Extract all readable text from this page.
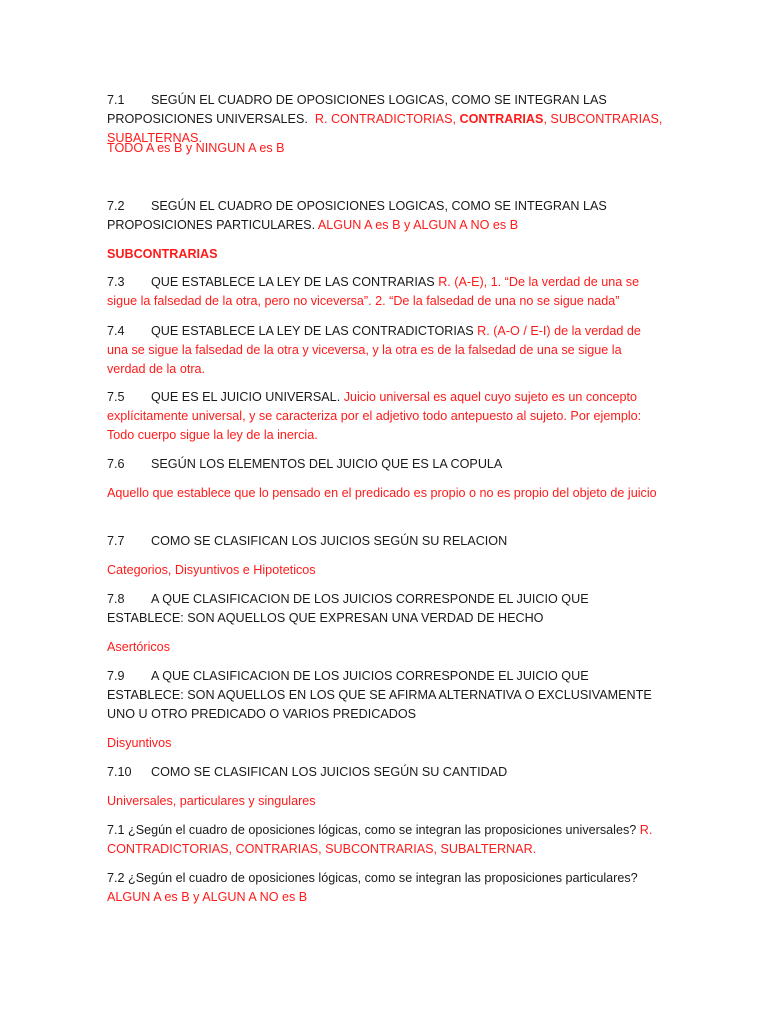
7.1 SEGÚN EL CUADRO DE OPOSICIONES LOGICAS, COMO SE INTEGRAN LAS PROPOSICIONES UNIVERSALES. R. CONTRADICTORIAS, CONTRARIAS, SUBCONTRARIAS, SUBALTERNAS.

TODO A es B y NINGUN A es B

7.2 SEGÚN EL CUADRO DE OPOSICIONES LOGICAS, COMO SE INTEGRAN LAS PROPOSICIONES PARTICULARES. ALGUN A es B y ALGUN A NO es B

SUBCONTRARIAS

7.3 QUE ESTABLECE LA LEY DE LAS CONTRARIAS R. (A-E), 1. “De la verdad de una se sigue la falsedad de la otra, pero no viceversa”. 2. “De la falsedad de una no se sigue nada”

7.4 QUE ESTABLECE LA LEY DE LAS CONTRADICTORIAS R. (A-O / E-I) de la verdad de una se sigue la falsedad de la otra y viceversa, y la otra es de la falsedad de una se sigue la verdad de la otra.

7.5 QUE ES EL JUICIO UNIVERSAL. Juicio universal es aquel cuyo sujeto es un concepto explícitamente universal, y se caracteriza por el adjetivo todo antepuesto al sujeto. Por ejemplo: Todo cuerpo sigue la ley de la inercia.

7.6 SEGÚN LOS ELEMENTOS DEL JUICIO QUE ES LA COPULA

Aquello que establece que lo pensado en el predicado es propio o no es propio del objeto de juicio

7.7 COMO SE CLASIFICAN LOS JUICIOS SEGÚN SU RELACION

Categorios, Disyuntivos e Hipoteticos

7.8 A QUE CLASIFICACION DE LOS JUICIOS CORRESPONDE EL JUICIO QUE ESTABLECE: SON AQUELLOS QUE EXPRESAN UNA VERDAD DE HECHO

Asertóricos

7.9 A QUE CLASIFICACION DE LOS JUICIOS CORRESPONDE EL JUICIO QUE ESTABLECE: SON AQUELLOS EN LOS QUE SE AFIRMA ALTERNATIVA O EXCLUSIVAMENTE UNO U OTRO PREDICADO O VARIOS PREDICADOS

Disyuntivos

7.10 COMO SE CLASIFICAN LOS JUICIOS SEGÚN SU CANTIDAD

Universales, particulares y singulares

7.1 ¿Según el cuadro de oposiciones lógicas, como se integran las proposiciones universales? R. CONTRADICTORIAS, CONTRARIAS, SUBCONTRARIAS, SUBALTERNAR.

7.2 ¿Según el cuadro de oposiciones lógicas, como se integran las proposiciones particulares? ALGUN A es B y ALGUN A NO es B
